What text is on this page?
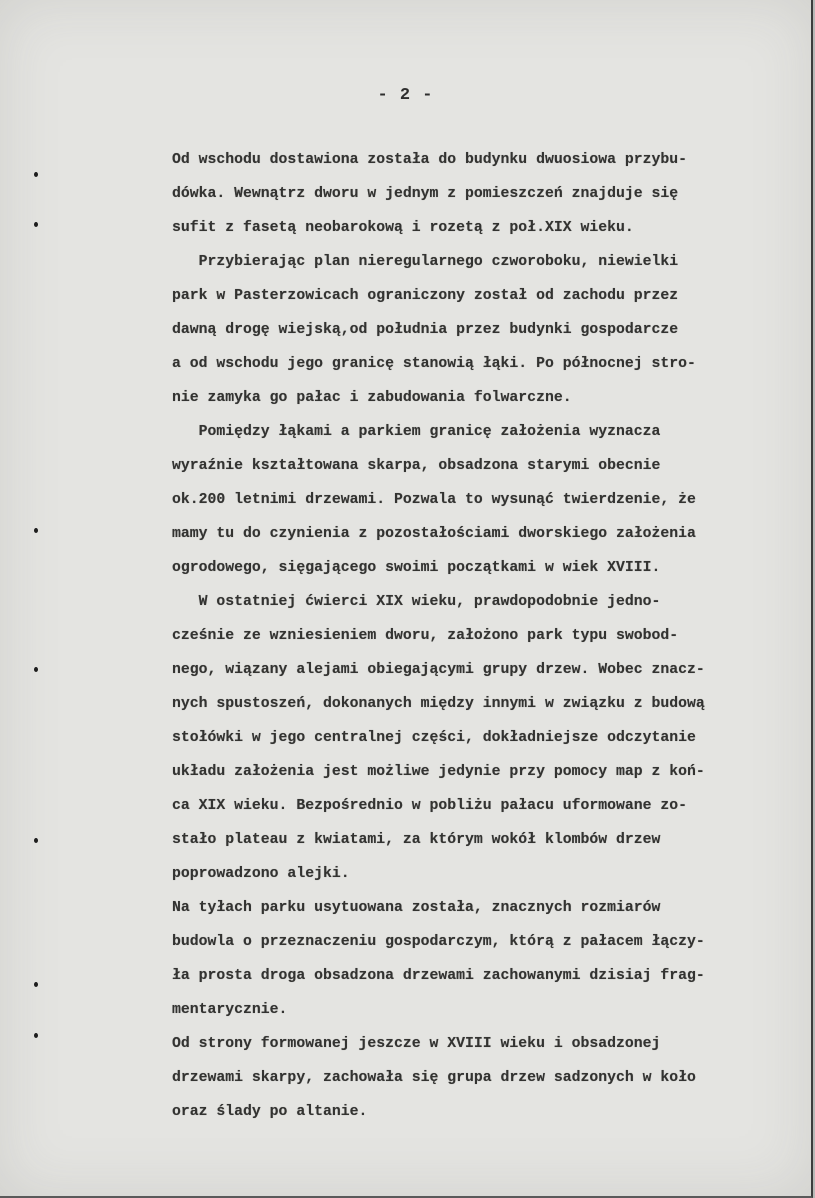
- 2 -
Od wschodu dostawiona została do budynku dwuosiowa przybu-
dówka. Wewnątrz dworu w jednym z pomieszczeń znajduje się
sufit z fasetą neobarokową i rozetą z poł.XIX wieku.
Przybierając plan nieregularnego czworoboku, niewielki
park w Pasterzowicach ograniczony został od zachodu przez
dawną drogę wiejską,od południa przez budynki gospodarcze
a od wschodu jego granicę stanowią łąki. Po północnej stro-
nie zamyka go pałac i zabudowania folwarczne.
Pomiędzy łąkami a parkiem granicę założenia wyznacza
wyraźnie kształtowana skarpa, obsadzona starymi obecnie
ok.200 letnimi drzewami. Pozwala to wysunąć twierdzenie, że
mamy tu do czynienia z pozostałościami dworskiego założenia
ogrodowego, sięgającego swoimi początkami w wiek XVIII.
W ostatniej ćwierci XIX wieku, prawdopodobnie jedno-
cześnie ze wzniesieniem dworu, założono park typu swobod-
nego, wiązany alejami obiegającymi grupy drzew. Wobec znacz-
nych spustoszeń, dokonanych między innymi w związku z budową
stołówki w jego centralnej części, dokładniejsze odczytanie
układu założenia jest możliwe jedynie przy pomocy map z koń-
ca XIX wieku. Bezpośrednio w pobliżu pałacu uformowane zo-
stało plateau z kwiatami, za którym wokół klombów drzew
poprowadzono alejki.
Na tyłach parku usytuowana została, znacznych rozmiarów
budowla o przeznaczeniu gospodarczym, którą z pałacem łączy-
ła prosta droga obsadzona drzewami zachowanymi dzisiaj frag-
mentarycznie.
Od strony formowanej jeszcze w XVIII wieku i obsadzonej
drzewami skarpy, zachowała się grupa drzew sadzonych w koło
oraz ślady po altanie.
